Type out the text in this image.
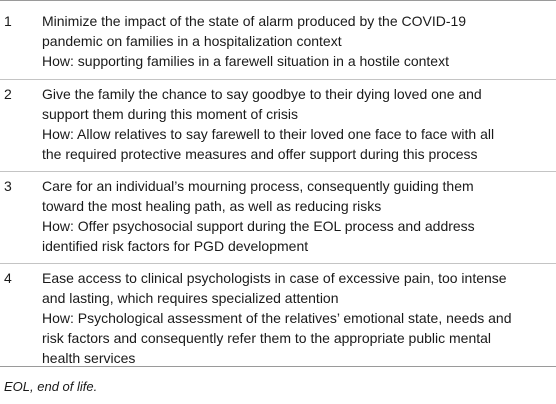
1 Minimize the impact of the state of alarm produced by the COVID-19
pandemic on families in a hospitalization context
How: supporting families in a farewell situation in a hostile context
2 Give the family the chance to say goodbye to their dying loved one and
support them during this moment of crisis
How: Allow relatives to say farewell to their loved one face to face with all
the required protective measures and offer support during this process
3 Care for an individual’s mourning process, consequently guiding them
toward the most healing path, as well as reducing risks
How: Offer psychosocial support during the EOL process and address
identified risk factors for PGD development
4 Ease access to clinical psychologists in case of excessive pain, too intense
and lasting, which requires specialized attention
How: Psychological assessment of the relatives’ emotional state, needs and
risk factors and consequently refer them to the appropriate public mental
health services
EOL, end of life.
